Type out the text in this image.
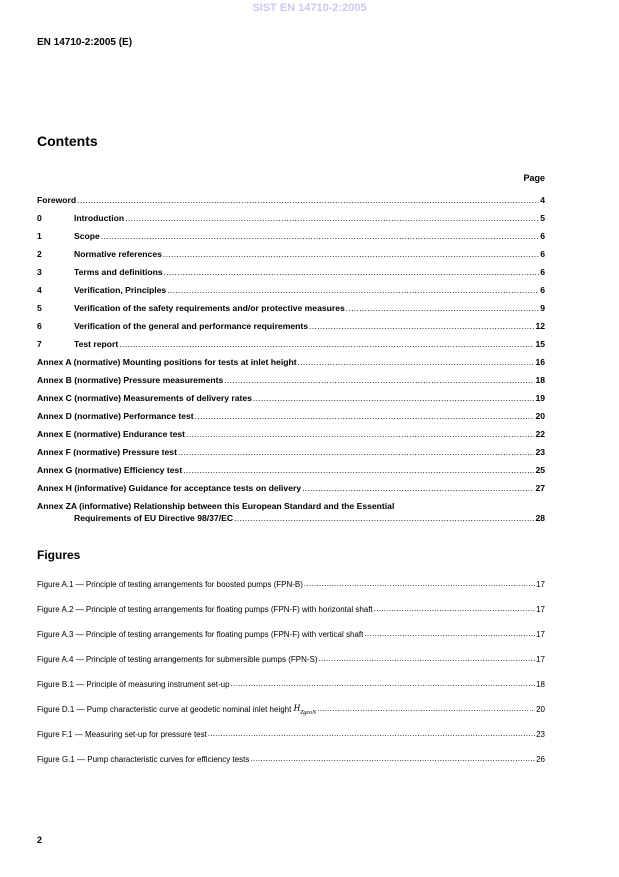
SIST EN 14710-2:2005
EN 14710-2:2005 (E)
Contents
Page
Foreword .....	4
0	Introduction .....	5
1	Scope .....	6
2	Normative references .....	6
3	Terms and definitions .....	6
4	Verification, Principles .....	6
5	Verification of the safety requirements and/or protective measures .....	9
6	Verification of the general and performance requirements .....	12
7	Test report .....	15
Annex A (normative) Mounting positions for tests at inlet height .....	16
Annex B (normative) Pressure measurements .....	18
Annex C (normative) Measurements of delivery rates .....	19
Annex D (normative) Performance test .....	20
Annex E (normative) Endurance test .....	22
Annex F (normative) Pressure test .....	23
Annex G (normative) Efficiency test .....	25
Annex H (informative) Guidance for acceptance tests on delivery .....	27
Annex ZA (informative) Relationship between this European Standard and the Essential
Requirements of EU Directive 98/37/EC .....	28
Figures
Figure A.1 — Principle of testing arrangements for boosted pumps (FPN-B) .....	17
Figure A.2 — Principle of testing arrangements for floating pumps (FPN-F) with horizontal shaft .....	17
Figure A.3 — Principle of testing arrangements for floating pumps (FPN-F) with vertical shaft .....	17
Figure A.4 — Principle of testing arrangements for submersible pumps (FPN-S) .....	17
Figure B.1 — Principle of measuring instrument set-up .....	18
Figure D.1 — Pump characteristic curve at geodetic nominal inlet height
$H_{ZgeoN}$ .....	20
Figure F.1 — Measuring set-up for pressure test .....	23
Figure G.1 — Pump characteristic curves for efficiency tests .....	26
2
